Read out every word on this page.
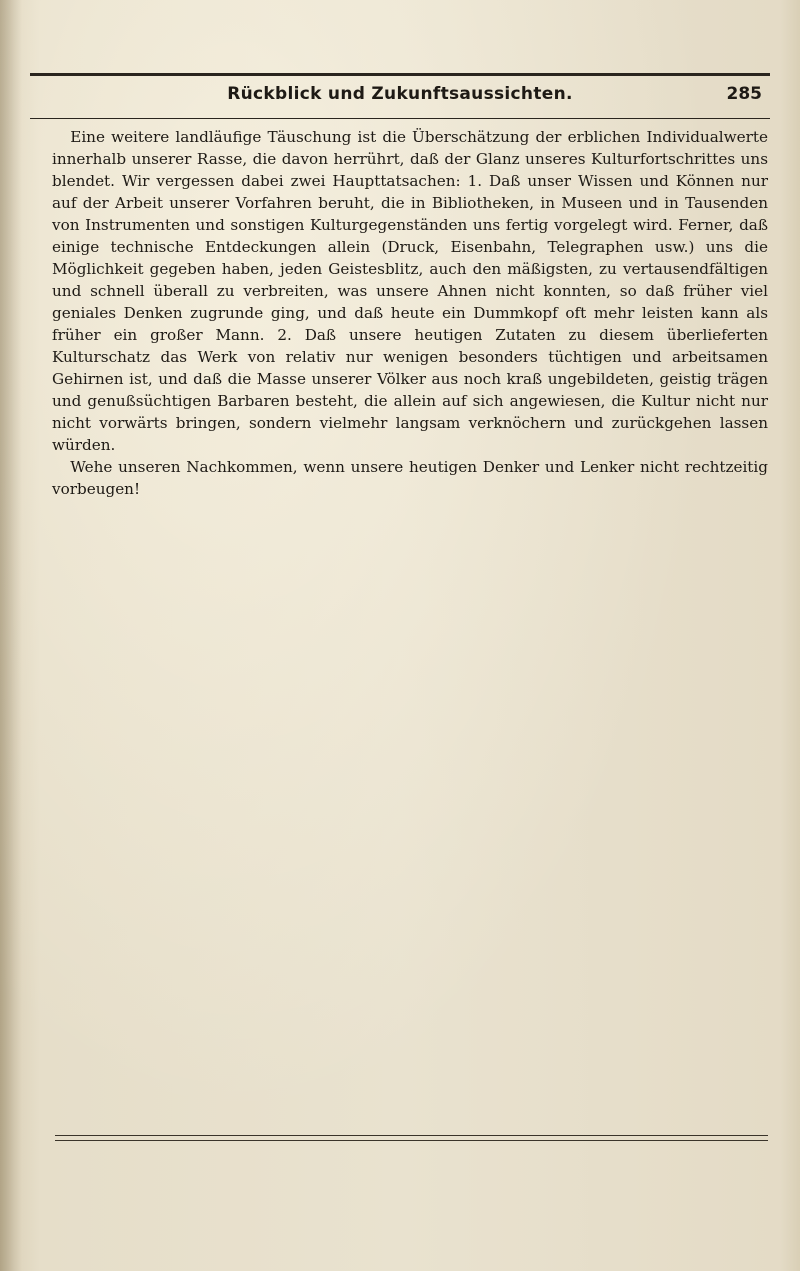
Rückblick und Zukunftsaussichten.	285

Eine weitere landläufige Täuschung ist die Überschätzung der erblichen Individualwerte innerhalb unserer Rasse, die davon herrührt, daß der Glanz unseres Kulturfortschrittes uns blendet. Wir vergessen dabei zwei Haupttatsachen: 1. Daß unser Wissen und Können nur auf der Arbeit unserer Vorfahren beruht, die in Bibliotheken, in Museen und in Tausenden von Instrumenten und sonstigen Kulturgegenständen uns fertig vorgelegt wird. Ferner, daß einige technische Entdeckungen allein (Druck, Eisenbahn, Telegraphen usw.) uns die Möglichkeit gegeben haben, jeden Geistesblitz, auch den mäßigsten, zu vertausendfältigen und schnell überall zu verbreiten, was unsere Ahnen nicht konnten, so daß früher viel geniales Denken zugrunde ging, und daß heute ein Dummkopf oft mehr leisten kann als früher ein großer Mann. 2. Daß unsere heutigen Zutaten zu diesem überlieferten Kulturschatz das Werk von relativ nur wenigen besonders tüchtigen und arbeitsamen Gehirnen ist, und daß die Masse unserer Völker aus noch kraß ungebildeten, geistig trägen und genußsüchtigen Barbaren besteht, die allein auf sich angewiesen, die Kultur nicht nur nicht vorwärts bringen, sondern vielmehr langsam verknöchern und zurückgehen lassen würden.

Wehe unseren Nachkommen, wenn unsere heutigen Denker und Lenker nicht rechtzeitig vorbeugen!
